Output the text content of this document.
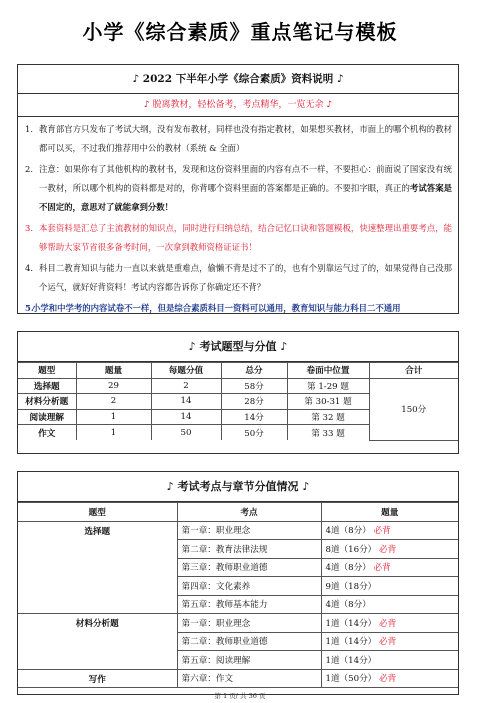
小学《综合素质》重点笔记与模板
♪ 2022 下半年小学《综合素质》资料说明 ♪
♪ 脱离教材，轻松备考，考点精华，一览无余 ♪
1. 教育部官方只发布了考试大纲，没有发布教材，同样也没有指定教材，如果想买教材，市面上的哪个机构的教材都可以买，不过我们推荐用中公的教材（系统 & 全面）
2. 注意：如果你有了其他机构的教材书，发现和这份资料里面的内容有点不一样，不要担心：前面说了国家没有统一教材，所以哪个机构的资料都是对的，你背哪个资料里面的答案都是正确的。不要扣字眼，真正的考试答案是不固定的，意思对了就能拿到分数！
3. 本套资料是汇总了主流教材的知识点，同时进行归纳总结，结合记忆口诀和答题模板，快速整理出重要考点，能够帮助大家节省很多备考时间，一次拿到教师资格证证书！
4. 科目二教育知识与能力一直以来就是重难点，偷懒不背是过不了的，也有个别靠运气过了的，如果觉得自己没那个运气，就好好背资料！考试内容都告诉你了你确定还不背？
5.
小学和中学考的内容试卷不一样，但是综合素质科目一资料可以通用，教育知识与能力科目二不通用
♪ 考试题型与分值 ♪
题型	题量	每题分值	总分	卷面中位置	合计
选择题	29	2	58分	第 1-29 题	150分
材料分析题	2	14	28分	第 30-31 题	
阅读理解	1	14	14分	第 32 题	
作文	1	50	50分	第 33 题	
♪ 考试考点与章节分值情况 ♪
题型	考点	题量
选择题	第一章：职业理念	4道（8分） 必背
	第二章：教育法律法规	8道（16分） 必背
	第三章：教师职业道德	4道（8分） 必背
	第四章：文化素养	9道（18分）
	第五章：教师基本能力	4道（8分）
材料分析题	第一章：职业理念	1道（14分） 必背
	第二章：教师职业道德	1道（14分） 必背
	第五章：阅读理解	1道（14分）
写作	第六章：作文	1道（50分） 必背
第 1 页/ 共 36 页
